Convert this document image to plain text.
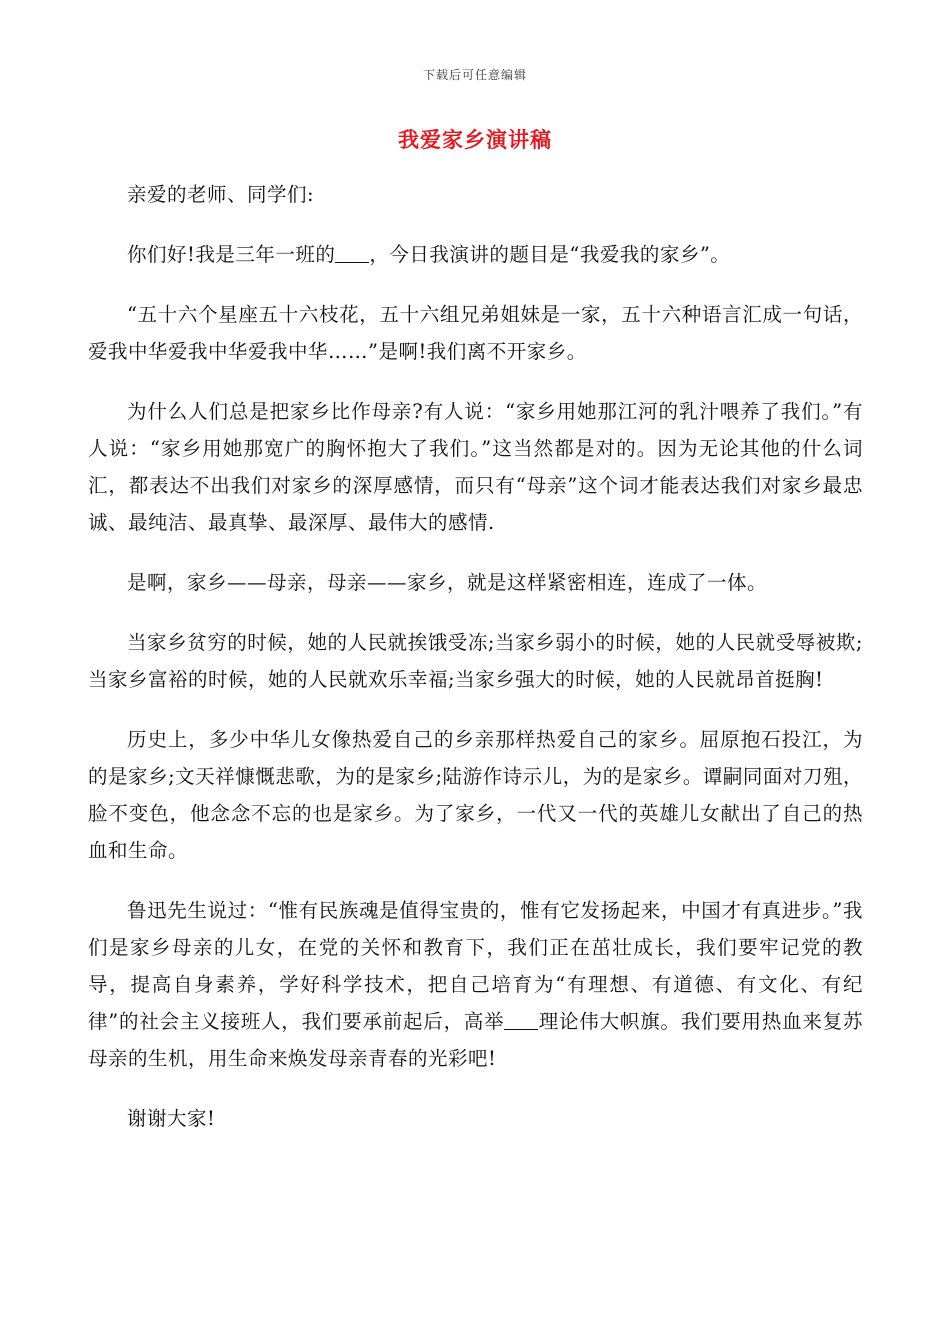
下载后可任意编辑
我爱家乡演讲稿

亲爱的老师、同学们:

你们好!我是三年一班的 ，今日我演讲的题目是“我爱我的家乡”。

“五十六个星座五十六枝花，五十六组兄弟姐妹是一家，五十六种语言汇成一句话，爱我中华爱我中华爱我中华……”是啊!我们离不开家乡。

为什么人们总是把家乡比作母亲?有人说：“家乡用她那江河的乳汁喂养了我们。”有人说：“家乡用她那宽广的胸怀抱大了我们。”这当然都是对的。因为无论其他的什么词汇，都表达不出我们对家乡的深厚感情，而只有“母亲”这个词才能表达我们对家乡最忠诚、最纯洁、最真挚、最深厚、最伟大的感情.

是啊，家乡——母亲，母亲——家乡，就是这样紧密相连，连成了一体。

当家乡贫穷的时候，她的人民就挨饿受冻;当家乡弱小的时候，她的人民就受辱被欺;当家乡富裕的时候，她的人民就欢乐幸福;当家乡强大的时候，她的人民就昂首挺胸!

历史上，多少中华儿女像热爱自己的乡亲那样热爱自己的家乡。屈原抱石投江，为的是家乡;文天祥慷慨悲歌，为的是家乡;陆游作诗示儿，为的是家乡。谭嗣同面对刀殂，脸不变色，他念念不忘的也是家乡。为了家乡，一代又一代的英雄儿女献出了自己的热血和生命。

鲁迅先生说过：“惟有民族魂是值得宝贵的，惟有它发扬起来，中国才有真进步。”我们是家乡母亲的儿女，在党的关怀和教育下，我们正在茁壮成长，我们要牢记党的教导，提高自身素养，学好科学技术，把自己培育为“有理想、有道德、有文化、有纪律”的社会主义接班人，我们要承前起后，高举 理论伟大帜旗。我们要用热血来复苏母亲的生机，用生命来焕发母亲青春的光彩吧!

谢谢大家!
